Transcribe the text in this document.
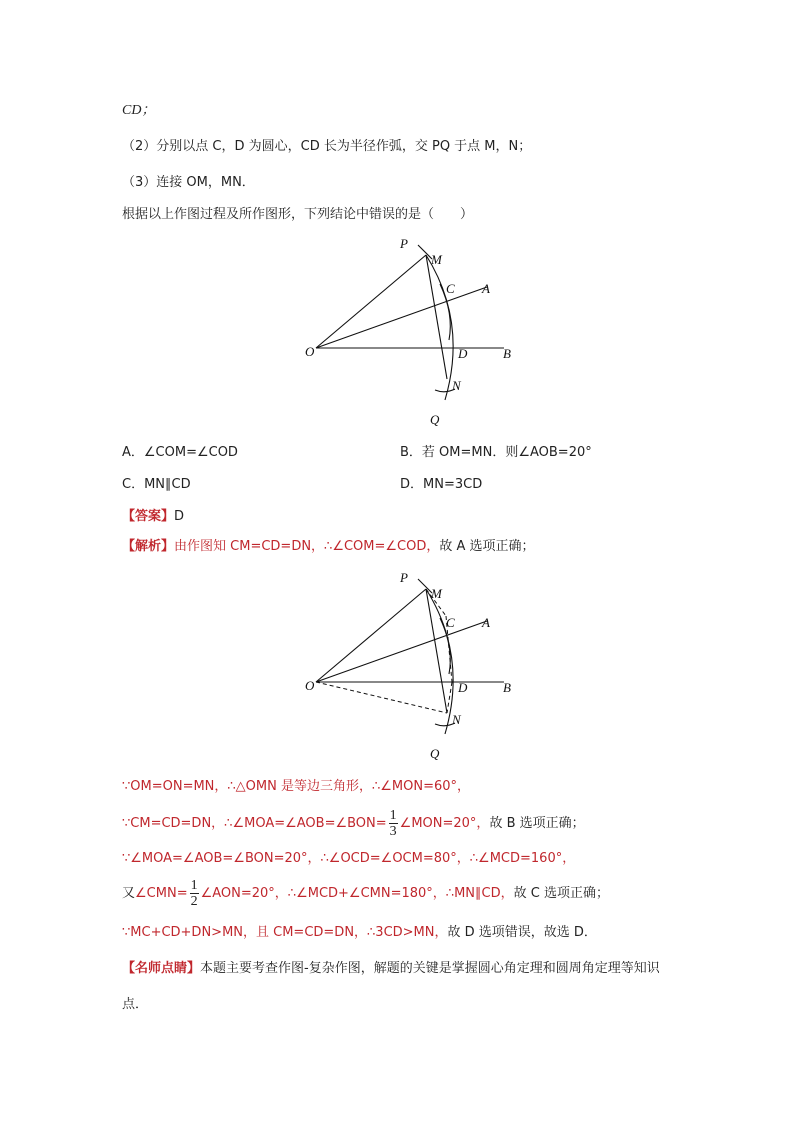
CD；
（2）分别以点 C，D 为圆心，CD 长为半径作弧，交 PQ 于点 M，N；
（3）连接 OM，MN．
根据以上作图过程及所作图形，下列结论中错误的是（　　）
P
M
C A
O	D	B
N
Q
A．∠COM=∠COD	B．若 OM=MN．则∠AOB=20°
C．MN∥CD	D．MN=3CD
【答案】D
【解析】由作图知 CM=CD=DN，∴∠COM=∠COD，故 A 选项正确；
P
M
C A
O	D	B
N
Q
∵OM=ON=MN，∴△OMN 是等边三角形，∴∠MON=60°，
∵CM=CD=DN，∴∠MOA=∠AOB=∠BON= $\frac{1}{3}$ ∠MON=20°，故 B 选项正确；
∵∠MOA=∠AOB=∠BON=20°，∴∠OCD=∠OCM=80°，∴∠MCD=160°，
又∠CMN= $\frac{1}{2}$ ∠AON=20°，∴∠MCD+∠CMN=180°，∴MN∥CD，故 C 选项正确；
∵MC+CD+DN>MN，且 CM=CD=DN，∴3CD>MN，故 D 选项错误，故选 D．
【名师点睛】本题主要考查作图-复杂作图，解题的关键是掌握圆心角定理和圆周角定理等知识
点．
